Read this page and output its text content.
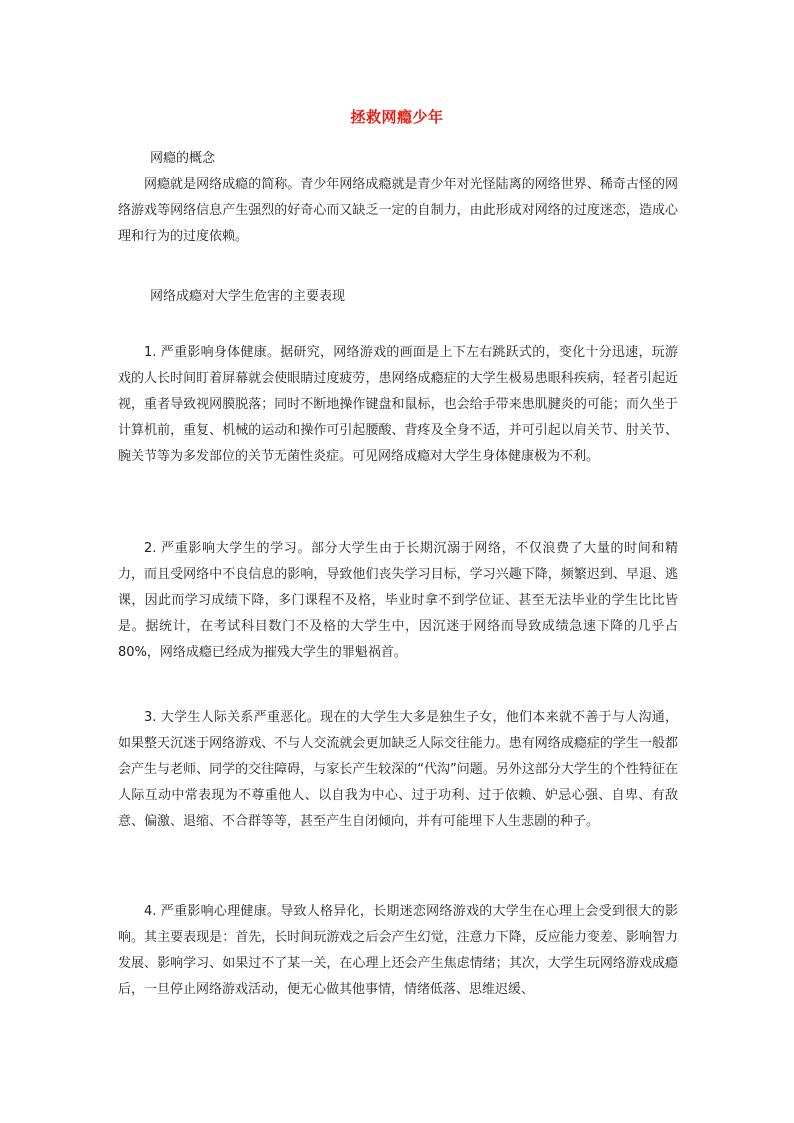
拯救网瘾少年
网瘾的概念
网瘾就是网络成瘾的简称。青少年网络成瘾就是青少年对光怪陆离的网络世界、稀奇古怪的网络游戏等网络信息产生强烈的好奇心而又缺乏一定的自制力，由此形成对网络的过度迷恋，造成心理和行为的过度依赖。
网络成瘾对大学生危害的主要表现
1. 严重影响身体健康。据研究，网络游戏的画面是上下左右跳跃式的，变化十分迅速，玩游戏的人长时间盯着屏幕就会使眼睛过度疲劳，患网络成瘾症的大学生极易患眼科疾病，轻者引起近视，重者导致视网膜脱落；同时不断地操作键盘和鼠标，也会给手带来患肌腱炎的可能；而久坐于计算机前，重复、机械的运动和操作可引起腰酸、背疼及全身不适，并可引起以肩关节、肘关节、腕关节等为多发部位的关节无菌性炎症。可见网络成瘾对大学生身体健康极为不利。
2. 严重影响大学生的学习。部分大学生由于长期沉溺于网络，不仅浪费了大量的时间和精力，而且受网络中不良信息的影响，导致他们丧失学习目标，学习兴趣下降，频繁迟到、早退、逃课，因此而学习成绩下降，多门课程不及格，毕业时拿不到学位证、甚至无法毕业的学生比比皆是。据统计，在考试科目数门不及格的大学生中，因沉迷于网络而导致成绩急速下降的几乎占 80%，网络成瘾已经成为摧残大学生的罪魁祸首。
3. 大学生人际关系严重恶化。现在的大学生大多是独生子女，他们本来就不善于与人沟通，如果整天沉迷于网络游戏、不与人交流就会更加缺乏人际交往能力。患有网络成瘾症的学生一般都会产生与老师、同学的交往障碍，与家长产生较深的“代沟”问题。另外这部分大学生的个性特征在人际互动中常表现为不尊重他人、以自我为中心、过于功利、过于依赖、妒忌心强、自卑、有敌意、偏激、退缩、不合群等等，甚至产生自闭倾向，并有可能埋下人生悲剧的种子。
4. 严重影响心理健康。导致人格异化，长期迷恋网络游戏的大学生在心理上会受到很大的影响。其主要表现是：首先，长时间玩游戏之后会产生幻觉，注意力下降，反应能力变差、影响智力发展、影响学习、如果过不了某一关，在心理上还会产生焦虑情绪；其次，大学生玩网络游戏成瘾后，一旦停止网络游戏活动，便无心做其他事情，情绪低落、思维迟缓、
